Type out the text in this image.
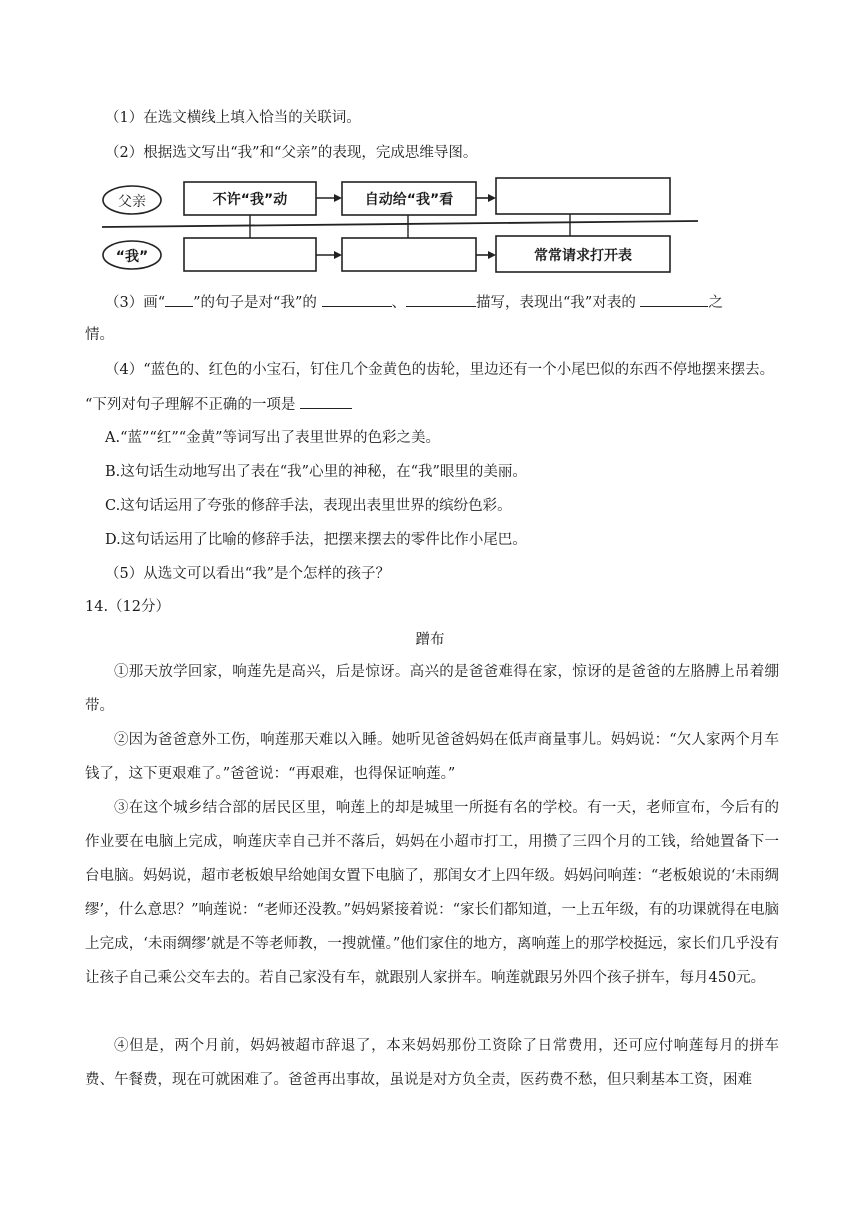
（1）在选文横线上填入恰当的关联词。
（2）根据选文写出“我”和“父亲”的表现，完成思维导图。
父亲
“我”
不许“我”动	自动给“我”看
常常请求打开表
（3）画“ ”的句子是对“我”的	、	描写，表现出“我”对表的	之
情。
（4）“蓝色的、红色的小宝石，钉住几个金黄色的齿轮，里边还有一个小尾巴似的东西不停地摆来摆去。
“下列对句子理解不正确的一项是
A.“蓝”“红”“金黄”等词写出了表里世界的色彩之美。
B.这句话生动地写出了表在“我”心里的神秘，在“我”眼里的美丽。
C.这句话运用了夸张的修辞手法，表现出表里世界的缤纷色彩。
D.这句话运用了比喻的修辞手法，把摆来摆去的零件比作小尾巴。
（5）从选文可以看出“我”是个怎样的孩子？
14.（12分）
蹭布
①那天放学回家，响莲先是高兴，后是惊讶。高兴的是爸爸难得在家，惊讶的是爸爸的左胳膊上吊着绷带。
②因为爸爸意外工伤，响莲那天难以入睡。她听见爸爸妈妈在低声商量事儿。妈妈说：“欠人家两个月车钱了，这下更艰难了。”爸爸说：“再艰难，也得保证响莲。”
③在这个城乡结合部的居民区里，响莲上的却是城里一所挺有名的学校。有一天，老师宣布，今后有的作业要在电脑上完成，响莲庆幸自己并不落后，妈妈在小超市打工，用攒了三四个月的工钱，给她置备下一台电脑。妈妈说，超市老板娘早给她闺女置下电脑了，那闺女才上四年级。妈妈问响莲：“老板娘说的‘未雨绸缪’，什么意思？”响莲说：“老师还没教。”妈妈紧接着说：“家长们都知道，一上五年级，有的功课就得在电脑上完成，‘未雨绸缪’就是不等老师教，一搜就懂。”他们家住的地方，离响莲上的那学校挺远，家长们几乎没有让孩子自己乘公交车去的。若自己家没有车，就跟别人家拼车。响莲就跟另外四个孩子拼车，每月450元。
④但是，两个月前，妈妈被超市辞退了，本来妈妈那份工资除了日常费用，还可应付响莲每月的拼车费、午餐费，现在可就困难了。爸爸再出事故，虽说是对方负全责，医药费不愁，但只剩基本工资，困难
